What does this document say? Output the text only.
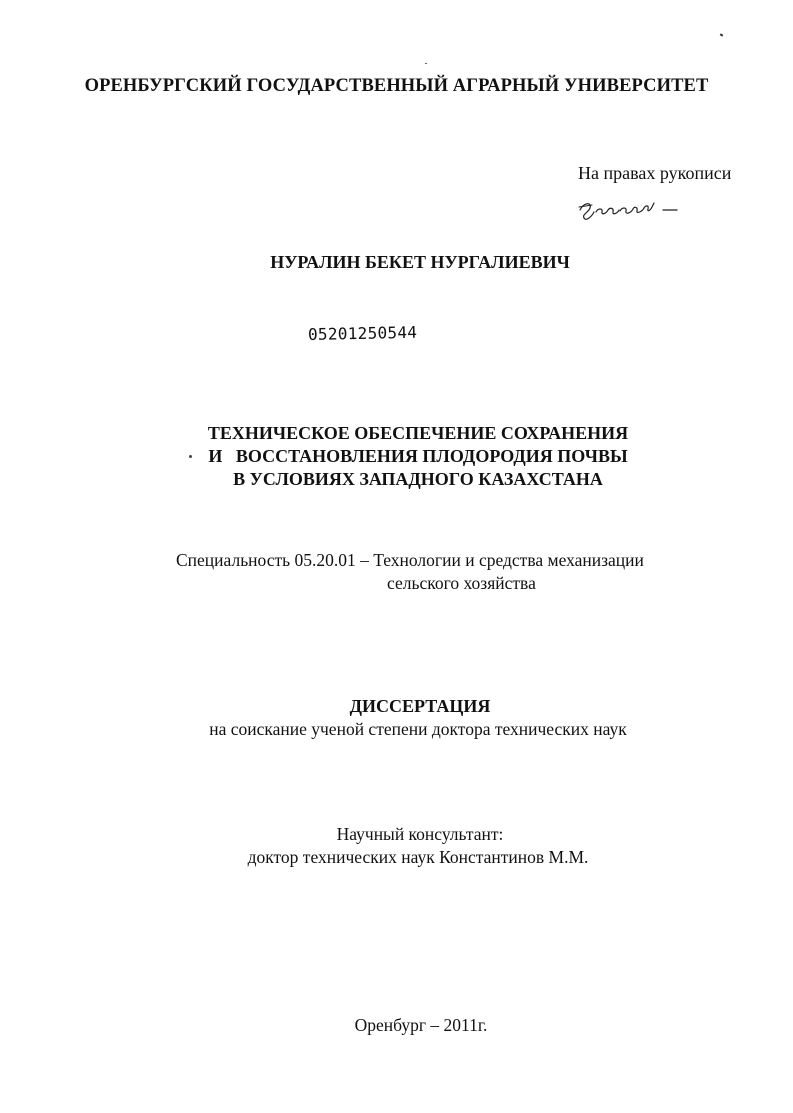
ОРЕНБУРГСКИЙ ГОСУДАРСТВЕННЫЙ АГРАРНЫЙ УНИВЕРСИТЕТ
На правах рукописи
НУРАЛИН БЕКЕТ НУРГАЛИЕВИЧ
05201250544
ТЕХНИЧЕСКОЕ ОБЕСПЕЧЕНИЕ СОХРАНЕНИЯ
И   ВОССТАНОВЛЕНИЯ ПЛОДОРОДИЯ ПОЧВЫ
В УСЛОВИЯХ ЗАПАДНОГО КАЗАХСТАНА
Специальность 05.20.01 – Технологии и средства механизации
сельского хозяйства
ДИССЕРТАЦИЯ
на соискание ученой степени доктора технических наук
Научный консультант:
доктор технических наук Константинов М.М.
Оренбург – 2011г.
